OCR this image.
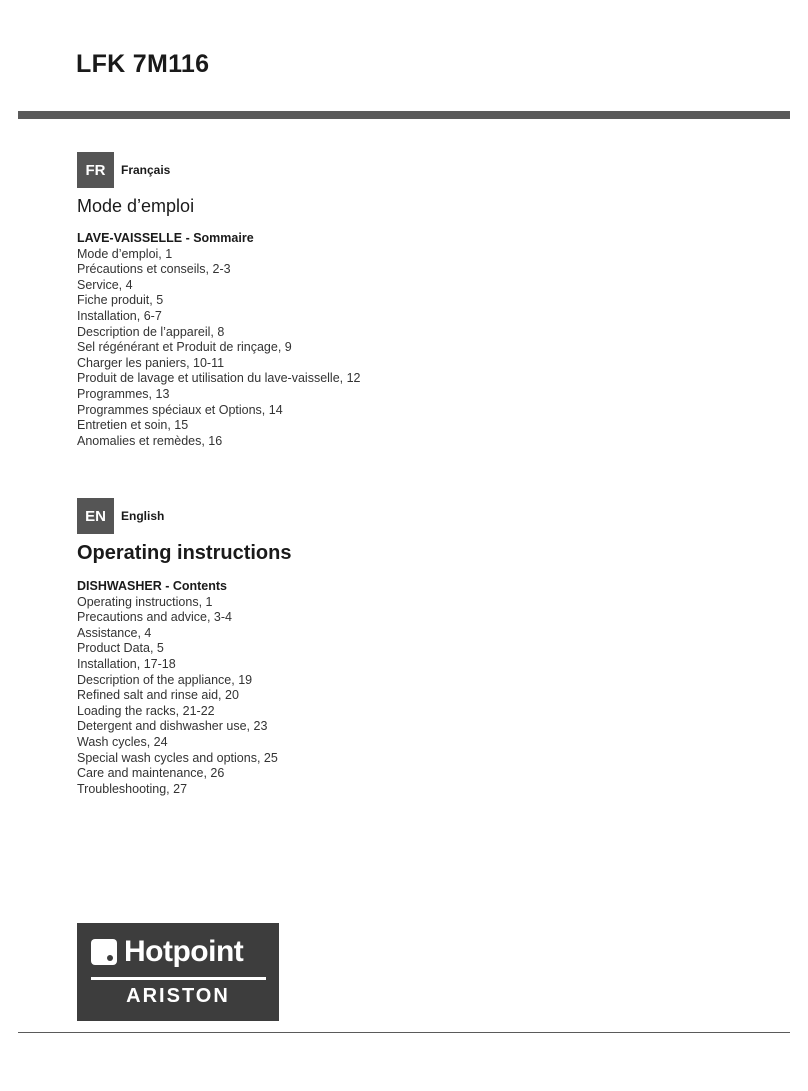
LFK 7M116
FR	Français
Mode d’emploi
LAVE-VAISSELLE - Sommaire
Mode d’emploi, 1
Précautions et conseils, 2-3
Service, 4
Fiche produit, 5
Installation, 6-7
Description de l’appareil, 8
Sel régénérant et Produit de rinçage, 9
Charger les paniers, 10-11
Produit de lavage et utilisation du lave-vaisselle, 12
Programmes, 13
Programmes spéciaux et Options, 14
Entretien et soin, 15
Anomalies et remèdes, 16
EN	English
Operating instructions
DISHWASHER - Contents
Operating instructions, 1
Precautions and advice, 3-4
Assistance, 4
Product Data, 5
Installation, 17-18
Description of the appliance, 19
Refined salt and rinse aid, 20
Loading the racks, 21-22
Detergent and dishwasher use, 23
Wash cycles, 24
Special wash cycles and options, 25
Care and maintenance, 26
Troubleshooting, 27
Hotpoint
ARISTON
